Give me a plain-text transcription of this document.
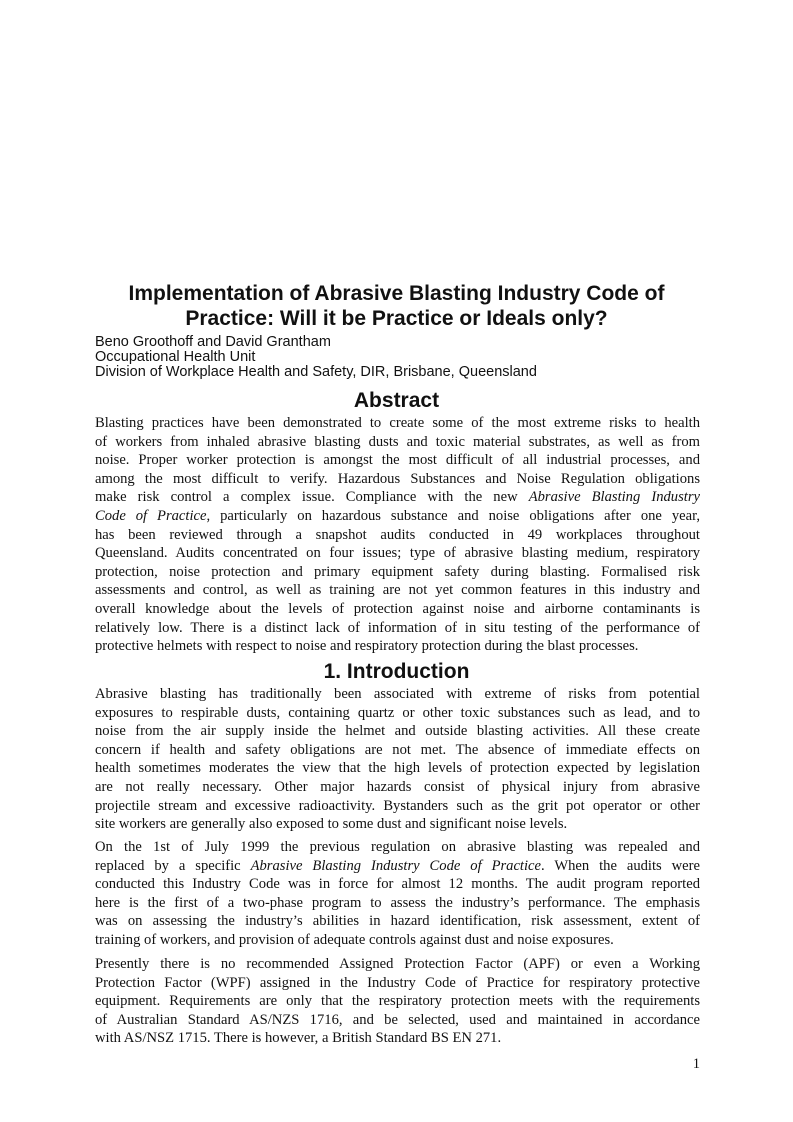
Implementation of Abrasive Blasting Industry Code of Practice: Will it be Practice or Ideals only?
Beno Groothoff and David Grantham
Occupational Health Unit
Division of Workplace Health and Safety, DIR, Brisbane, Queensland
Abstract

Blasting practices have been demonstrated to create some of the most extreme risks to health
of workers from inhaled abrasive blasting dusts and toxic material substrates, as well as from
noise. Proper worker protection is amongst the most difficult of all industrial processes, and
among the most difficult to verify. Hazardous Substances and Noise Regulation obligations
make risk control a complex issue. Compliance with the new Abrasive Blasting Industry
Code of Practice, particularly on hazardous substance and noise obligations after one year,
has been reviewed through a snapshot audits conducted in 49 workplaces throughout
Queensland. Audits concentrated on four issues; type of abrasive blasting medium, respiratory
protection, noise protection and primary equipment safety during blasting. Formalised risk
assessments and control, as well as training are not yet common features in this industry and
overall knowledge about the levels of protection against noise and airborne contaminants is
relatively low. There is a distinct lack of information of in situ testing of the performance of
protective helmets with respect to noise and respiratory protection during the blast processes.

1. Introduction

Abrasive blasting has traditionally been associated with extreme of risks from potential
exposures to respirable dusts, containing quartz or other toxic substances such as lead, and to
noise from the air supply inside the helmet and outside blasting activities. All these create
concern if health and safety obligations are not met. The absence of immediate effects on
health sometimes moderates the view that the high levels of protection expected by legislation
are not really necessary. Other major hazards consist of physical injury from abrasive
projectile stream and excessive radioactivity. Bystanders such as the grit pot operator or other
site workers are generally also exposed to some dust and significant noise levels.

On the 1st of July 1999 the previous regulation on abrasive blasting was repealed and
replaced by a specific Abrasive Blasting Industry Code of Practice. When the audits were
conducted this Industry Code was in force for almost 12 months. The audit program reported
here is the first of a two-phase program to assess the industry’s performance. The emphasis
was on assessing the industry’s abilities in hazard identification, risk assessment, extent of
training of workers, and provision of adequate controls against dust and noise exposures.

Presently there is no recommended Assigned Protection Factor (APF) or even a Working
Protection Factor (WPF) assigned in the Industry Code of Practice for respiratory protective
equipment. Requirements are only that the respiratory protection meets with the requirements
of Australian Standard AS/NZS 1716, and be selected, used and maintained in accordance
with AS/NSZ 1715. There is however, a British Standard BS EN 271.

1
